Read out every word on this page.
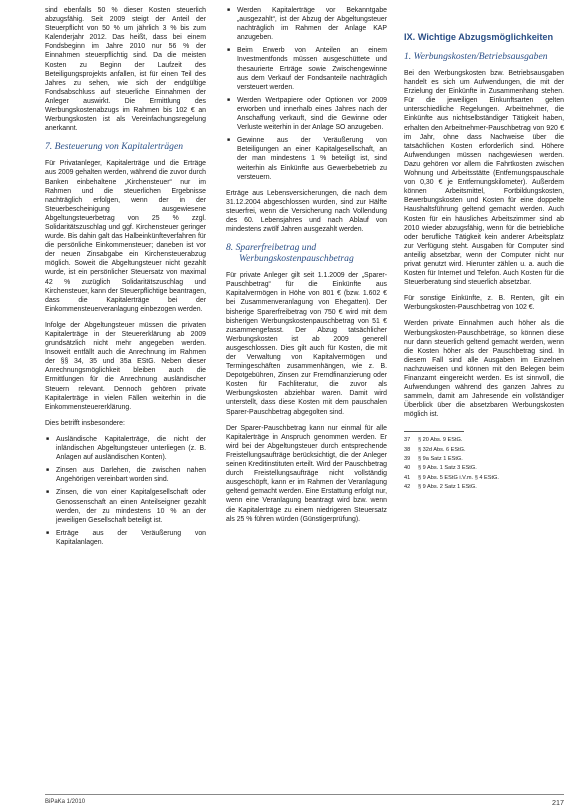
sind ebenfalls 50 % dieser Kosten steuerlich abzugsfähig. Seit 2009 steigt der Anteil der Steuerpflicht von 50 % um jährlich 3 % bis zum Kalenderjahr 2012. Das heißt, dass bei einem Fondsbeginn im Jahre 2010 nur 56 % der Einnahmen steuerpflichtig sind. Da die meisten Kosten zu Beginn der Laufzeit des Beteiligungsprojekts anfallen, ist für einen Teil des Jahres zu sehen, wie sich der endgültige Fondsabschluss auf steuerliche Einnahmen der Anleger auswirkt. Die Ermittlung des Werbungskostenabzugs im Rahmen bis 102 € an Werbungskosten ist als Vereinfachungsregelung anerkannt.

7. Besteuerung von Kapitalerträgen

Für Privatanleger, Kapitalerträge und die Erträge aus 2009 gehalten werden, während die zuvor durch Banken einbehaltene „Kirchensteuer“ nur im Rahmen und die steuerlichen Ergebnisse nachträglich erfolgen, wenn der in der Steuerbescheinigung ausgewiesene Abgeltungsteuerbetrag von 25 % zzgl. Solidaritätszuschlag und ggf. Kirchensteuer geringer wurde. Bis dahin galt das Halbeinkünfteverfahren für die persönliche Einkommensteuer; daneben ist vor der neuen Zinsabgabe ein Kirchensteuerabzug möglich. Soweit die Abgeltungsteuer nicht gezahlt wurde, ist ein persönlicher Steuersatz von maximal 42 % zuzüglich Solidaritätszuschlag und Kirchensteuer, kann der Steuerpflichtige beantragen, dass die Kapitalerträge bei der Einkommensteuerveranlagung einbezogen werden.

Infolge der Abgeltungsteuer müssen die privaten Kapitalerträge in der Steuererklärung ab 2009 grundsätzlich nicht mehr angegeben werden. Insoweit entfällt auch die Anrechnung im Rahmen der §§ 34, 35 und 35a EStG. Neben dieser Anrechnungsmöglichkeit bleiben auch die Ermittlungen für die Anrechnung ausländischer Steuern relevant. Dennoch gehören private Kapitalerträge in vielen Fällen weiterhin in die Einkommensteuererklärung.

Dies betrifft insbesondere:

■ Ausländische Kapitalerträge, die nicht der inländischen Abgeltungsteuer unterliegen (z. B. Anlagen auf ausländischen Konten).
■ Zinsen aus Darlehen, die zwischen nahen Angehörigen vereinbart worden sind.
■ Zinsen, die von einer Kapitalgesellschaft oder Genossenschaft an einen Anteilseigner gezahlt werden, der zu mindestens 10 % an der jeweiligen Gesellschaft beteiligt ist.
■ Erträge aus der Veräußerung von Kapitalanlagen.
■ Werden Kapitalerträge vor Bekanntgabe „ausgezahlt“, ist der Abzug der Abgeltungsteuer nachträglich im Rahmen der Anlage KAP anzugeben.
■ Beim Erwerb von Anteilen an einem Investmentfonds müssen ausgeschüttete und thesaurierte Erträge sowie Zwischengewinne aus dem Verkauf der Fondsanteile nachträglich versteuert werden.
■ Werden Wertpapiere oder Optionen vor 2009 erworben und innerhalb eines Jahres nach der Anschaffung verkauft, sind die Gewinne oder Verluste weiterhin in der Anlage SO anzugeben.
■ Gewinne aus der Veräußerung von Beteiligungen an einer Kapitalgesellschaft, an der man mindestens 1 % beteiligt ist, sind weiterhin als Einkünfte aus Gewerbebetrieb zu versteuern.

Erträge aus Lebensversicherungen, die nach dem 31.12.2004 abgeschlossen wurden, sind zur Hälfte steuerfrei, wenn die Versicherung nach Vollendung des 60. Lebensjahres und nach Ablauf von mindestens zwölf Jahren ausgezahlt werden.

8. Sparerfreibetrag und Werbungskostenpauschbetrag

Für private Anleger gilt seit 1.1.2009 der „Sparer-Pauschbetrag“ für die Einkünfte aus Kapitalvermögen in Höhe von 801 € (bzw. 1.602 € bei Zusammenveranlagung von Ehegatten). Der bisherige Sparerfreibetrag von 750 € wird mit dem bisherigen Werbungskostenpauschbetrag von 51 € zusammengefasst. Der Abzug tatsächlicher Werbungskosten ist ab 2009 generell ausgeschlossen. Dies gilt auch für Kosten, die mit der Verwaltung von Kapitalvermögen und Termingeschäften zusammenhängen, wie z. B. Depotgebühren, Zinsen zur Fremdfinanzierung oder Kosten für Fachliteratur, die zuvor als Werbungskosten abziehbar waren. Damit wird unterstellt, dass diese Kosten mit dem pauschalen Sparer-Pauschbetrag abgegolten sind.

Der Sparer-Pauschbetrag kann nur einmal für alle Kapitalerträge in Anspruch genommen werden. Er wird bei der Abgeltungsteuer durch entsprechende Freistellungsaufträge berücksichtigt, die der Anleger seinen Kreditinstituten erteilt. Wird der Pauschbetrag durch Freistellungsaufträge nicht vollständig ausgeschöpft, kann er im Rahmen der Veranlagung geltend gemacht werden. Eine Erstattung erfolgt nur, wenn eine Veranlagung beantragt wird bzw. wenn die Kapitalerträge zu einem niedrigeren Steuersatz als 25 % führen würden (Günstigerprüfung).

IX. Wichtige Abzugsmöglichkeiten
1. Werbungskosten/Betriebsausgaben

Bei den Werbungskosten bzw. Betriebsausgaben handelt es sich um Aufwendungen, die mit der Erzielung der Einkünfte in Zusammenhang stehen. Für die jeweiligen Einkunftsarten gelten unterschiedliche Regelungen. Arbeitnehmer, die Einkünfte aus nichtselbständiger Tätigkeit haben, erhalten den Arbeitnehmer-Pauschbetrag von 920 € im Jahr, ohne dass Nachweise über die tatsächlichen Kosten erforderlich sind. Höhere Aufwendungen müssen nachgewiesen werden. Dazu gehören vor allem die Fahrtkosten zwischen Wohnung und Arbeitsstätte (Entfernungspauschale von 0,30 € je Entfernungskilometer). Außerdem können Arbeitsmittel, Fortbildungskosten, Bewerbungskosten und Kosten für eine doppelte Haushaltsführung geltend gemacht werden. Auch Kosten für ein häusliches Arbeitszimmer sind ab 2010 wieder abzugsfähig, wenn für die betriebliche oder berufliche Tätigkeit kein anderer Arbeitsplatz zur Verfügung steht. Ausgaben für Computer sind anteilig absetzbar, wenn der Computer nicht nur privat genutzt wird. Hierunter zählen u. a. auch die Kosten für Internet und Telefon. Auch Kosten für die Steuerberatung sind steuerlich absetzbar.

Für sonstige Einkünfte, z. B. Renten, gilt ein Werbungskosten-Pauschbetrag von 102 €.

Werden private Einnahmen auch höher als die Werbungskosten-Pauschbeträge, so können diese nur dann steuerlich geltend gemacht werden, wenn die Kosten höher als der Pauschbetrag sind. In diesem Fall sind alle Ausgaben im Einzelnen nachzuweisen und können mit den Belegen beim Finanzamt eingereicht werden. Es ist sinnvoll, die Aufwendungen während des ganzen Jahres zu sammeln, damit am Jahresende ein vollständiger Überblick über die absetzbaren Werbungskosten möglich ist.

37 § 20 Abs. 9 EStG.

38 § 32d Abs. 6 EStG.

39 § 9a Satz 1 EStG.

40 § 9 Abs. 1 Satz 3 EStG.

41 § 9 Abs. 5 EStG i.V.m. § 4 EStG.

42 § 9 Abs. 2 Satz 1 EStG.

BiPaKa 1/2010	217
